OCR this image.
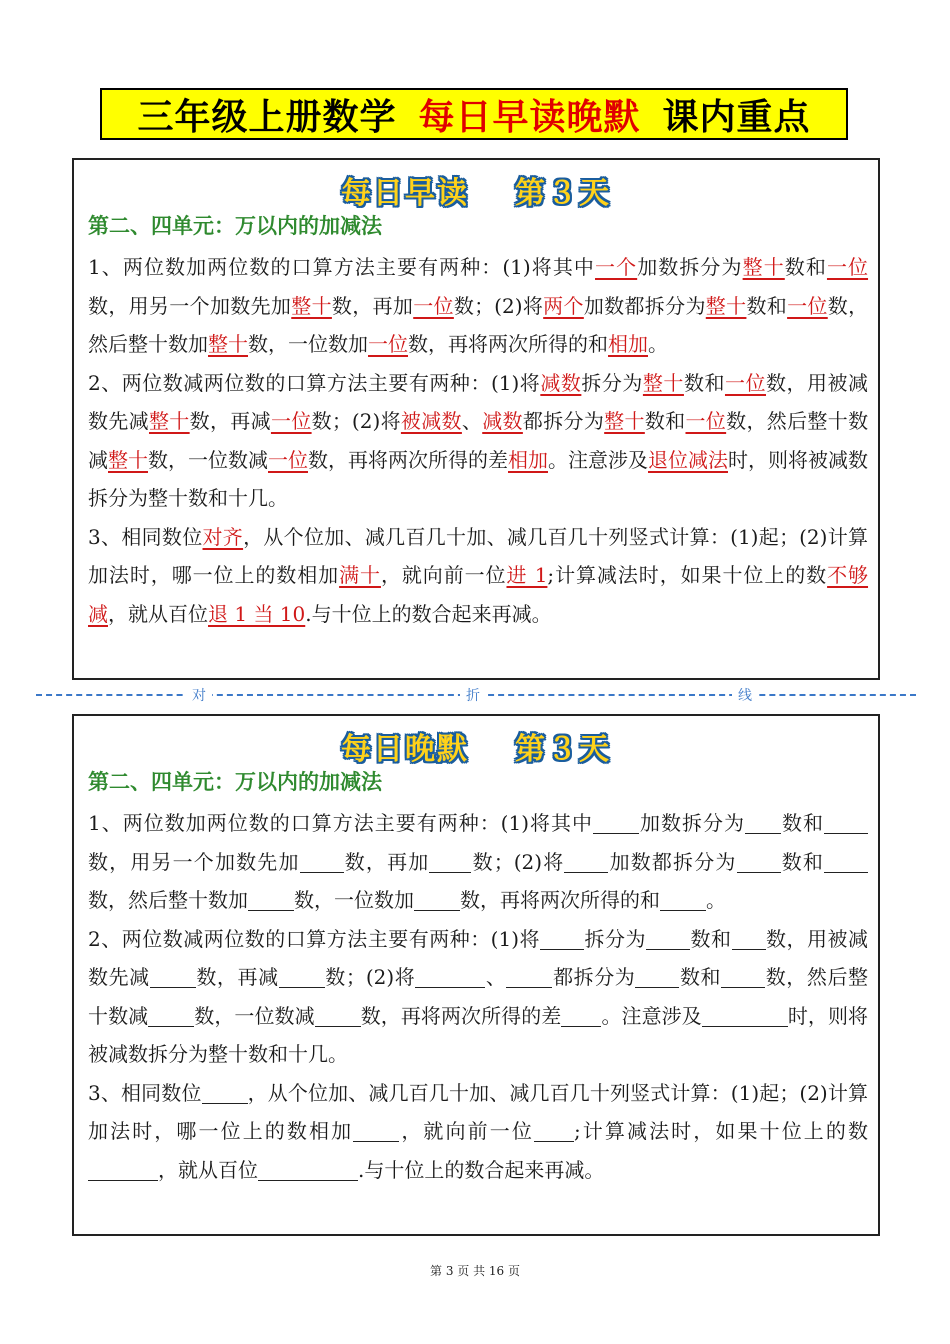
三年级上册数学 每日早读晚默 课内重点
每日早读 第３天
第二、四单元：万以内的加减法

1、两位数加两位数的口算方法主要有两种：(1)将其中一个加数拆分为整十数和一位数，用另一个加数先加整十数，再加一位数；(2)将两个加数都拆分为整十数和一位数，然后整十数加整十数，一位数加一位数，再将两次所得的和相加。

2、两位数减两位数的口算方法主要有两种：(1)将减数拆分为整十数和一位数，用被减数先减整十数，再减一位数；(2)将被减数、减数都拆分为整十数和一位数，然后整十数减整十数，一位数减一位数，再将两次所得的差相加。注意涉及退位减法时，则将被减数拆分为整十数和十几。

3、相同数位对齐，从个位加、减几百几十加、减几百几十列竖式计算：(1)起；(2)计算加法时，哪一位上的数相加满十，就向前一位进 1;计算减法时，如果十位上的数不够减，就从百位退 1 当 10.与十位上的数合起来再减。

对	折	线
每日晚默 第３天
第二、四单元：万以内的加减法

1、两位数加两位数的口算方法主要有两种：(1)将其中 加数拆分为 数和数，用另一个加数先加 数，再加 数；(2)将 加数都拆分为 数和数，然后整十数加 数，一位数加 数，再将两次所得的和 。

2、两位数减两位数的口算方法主要有两种：(1)将 拆分为 数和 数，用被减数先减 数，再减 数；(2)将	、 都拆分为 数和 数，然后整十数减 数，一位数减 数，再将两次所得的差 。注意涉及	时，则将被减数拆分为整十数和十几。

3、相同数位 ，从个位加、减几百几十加、减几百几十列竖式计算：(1)起；(2)计算加法时，哪一位上的数相加 ，就向前一位 ;计算减法时，如果十位上的数，就从百位	.与十位上的数合起来再减。

第 3 页 共 16 页
